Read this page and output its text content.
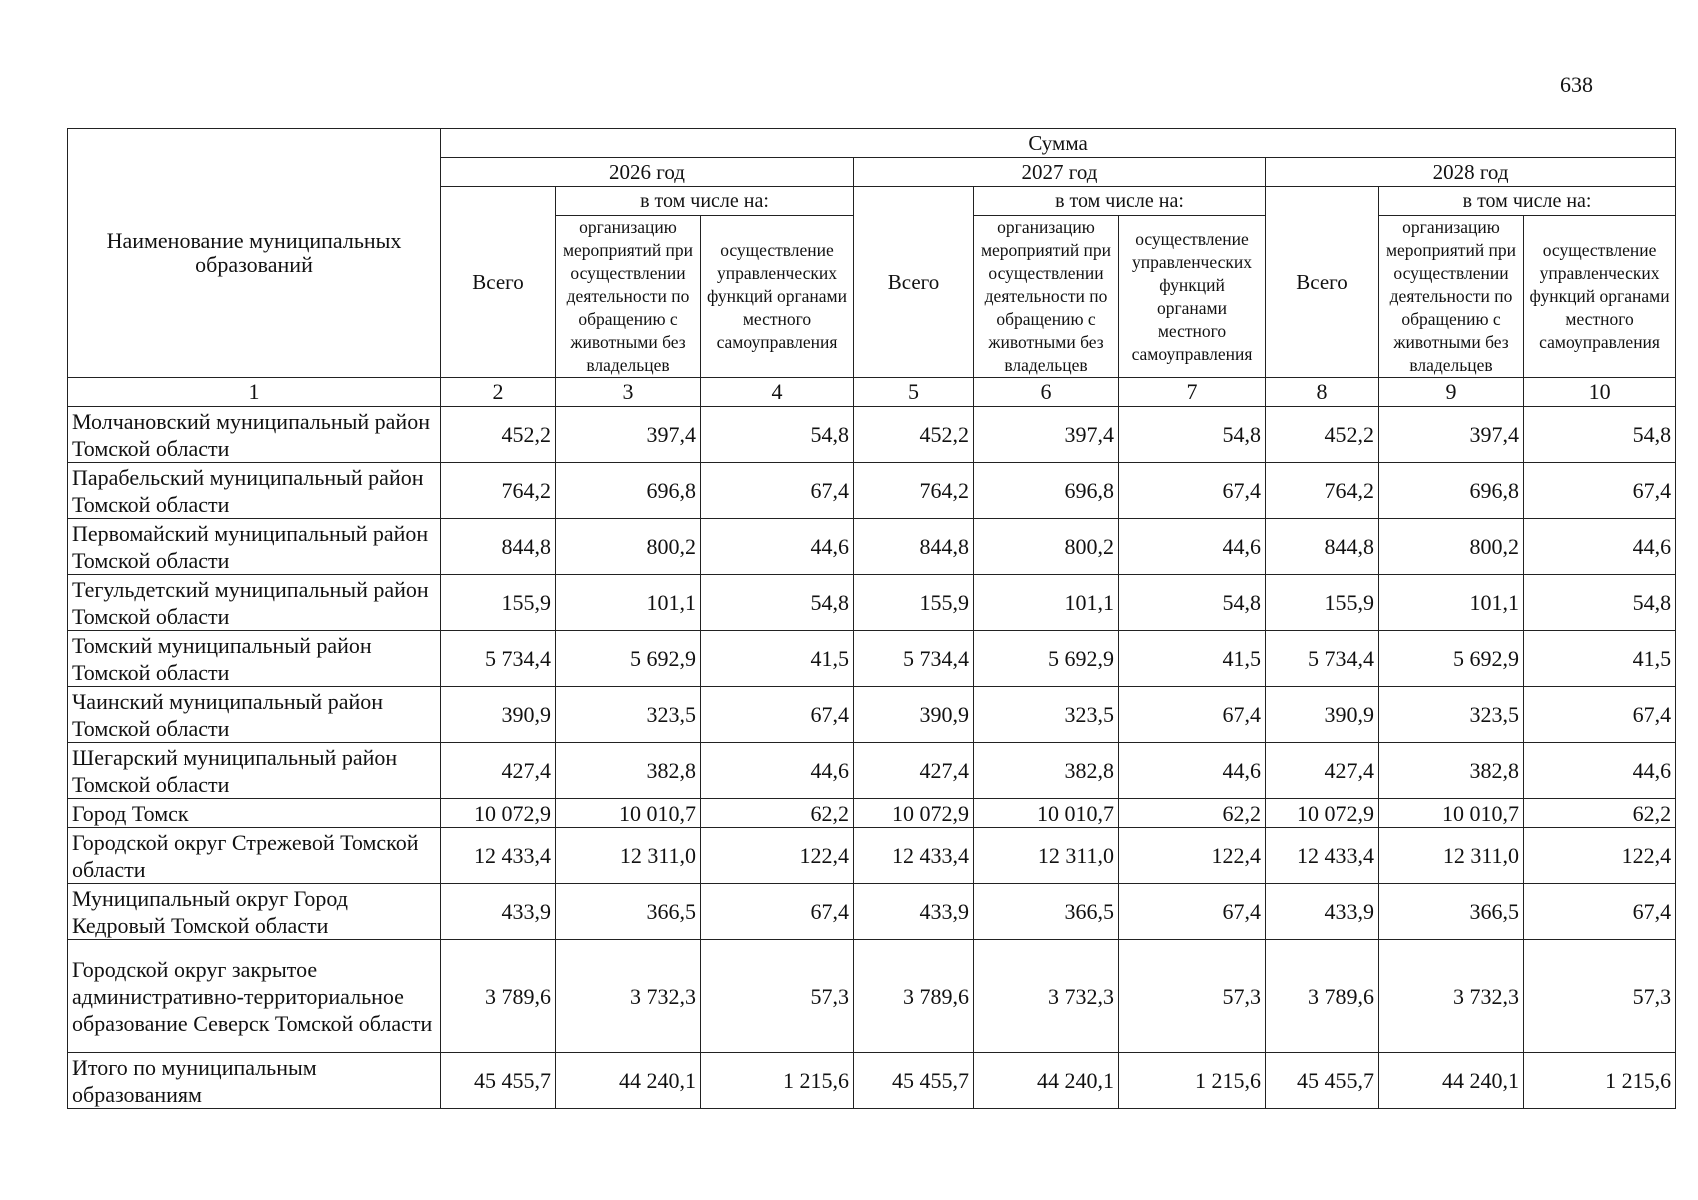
638
Наименование муниципальных образований	Сумма								
	2026 год			2027 год			2028 год		
	Всего	в том числе на:		Всего	в том числе на:		Всего	в том числе на:	
		организацию мероприятий при осуществлении деятельности по обращению с животными без владельцев	осуществление управленческих функций органами местного самоуправления		организацию мероприятий при осуществлении деятельности по обращению с животными без владельцев	осуществление управленческих функций органами местного самоуправления		организацию мероприятий при осуществлении деятельности по обращению с животными без владельцев	осуществление управленческих функций органами местного самоуправления
1	2	3	4	5	6	7	8	9	10
Молчановский муниципальный район Томской области	452,2	397,4	54,8	452,2	397,4	54,8	452,2	397,4	54,8
Парабельский муниципальный район Томской области	764,2	696,8	67,4	764,2	696,8	67,4	764,2	696,8	67,4
Первомайский муниципальный район Томской области	844,8	800,2	44,6	844,8	800,2	44,6	844,8	800,2	44,6
Тегульдетский муниципальный район Томской области	155,9	101,1	54,8	155,9	101,1	54,8	155,9	101,1	54,8
Томский муниципальный район Томской области	5 734,4	5 692,9	41,5	5 734,4	5 692,9	41,5	5 734,4	5 692,9	41,5
Чаинский муниципальный район Томской области	390,9	323,5	67,4	390,9	323,5	67,4	390,9	323,5	67,4
Шегарский муниципальный район Томской области	427,4	382,8	44,6	427,4	382,8	44,6	427,4	382,8	44,6
Город Томск	10 072,9	10 010,7	62,2	10 072,9	10 010,7	62,2	10 072,9	10 010,7	62,2
Городской округ Стрежевой Томской области	12 433,4	12 311,0	122,4	12 433,4	12 311,0	122,4	12 433,4	12 311,0	122,4
Муниципальный округ Город Кедровый Томской области	433,9	366,5	67,4	433,9	366,5	67,4	433,9	366,5	67,4
Городской округ закрытое административно-территориальное образование Северск Томской области	3 789,6	3 732,3	57,3	3 789,6	3 732,3	57,3	3 789,6	3 732,3	57,3
Итого по муниципальным образованиям	45 455,7	44 240,1	1 215,6	45 455,7	44 240,1	1 215,6	45 455,7	44 240,1	1 215,6
